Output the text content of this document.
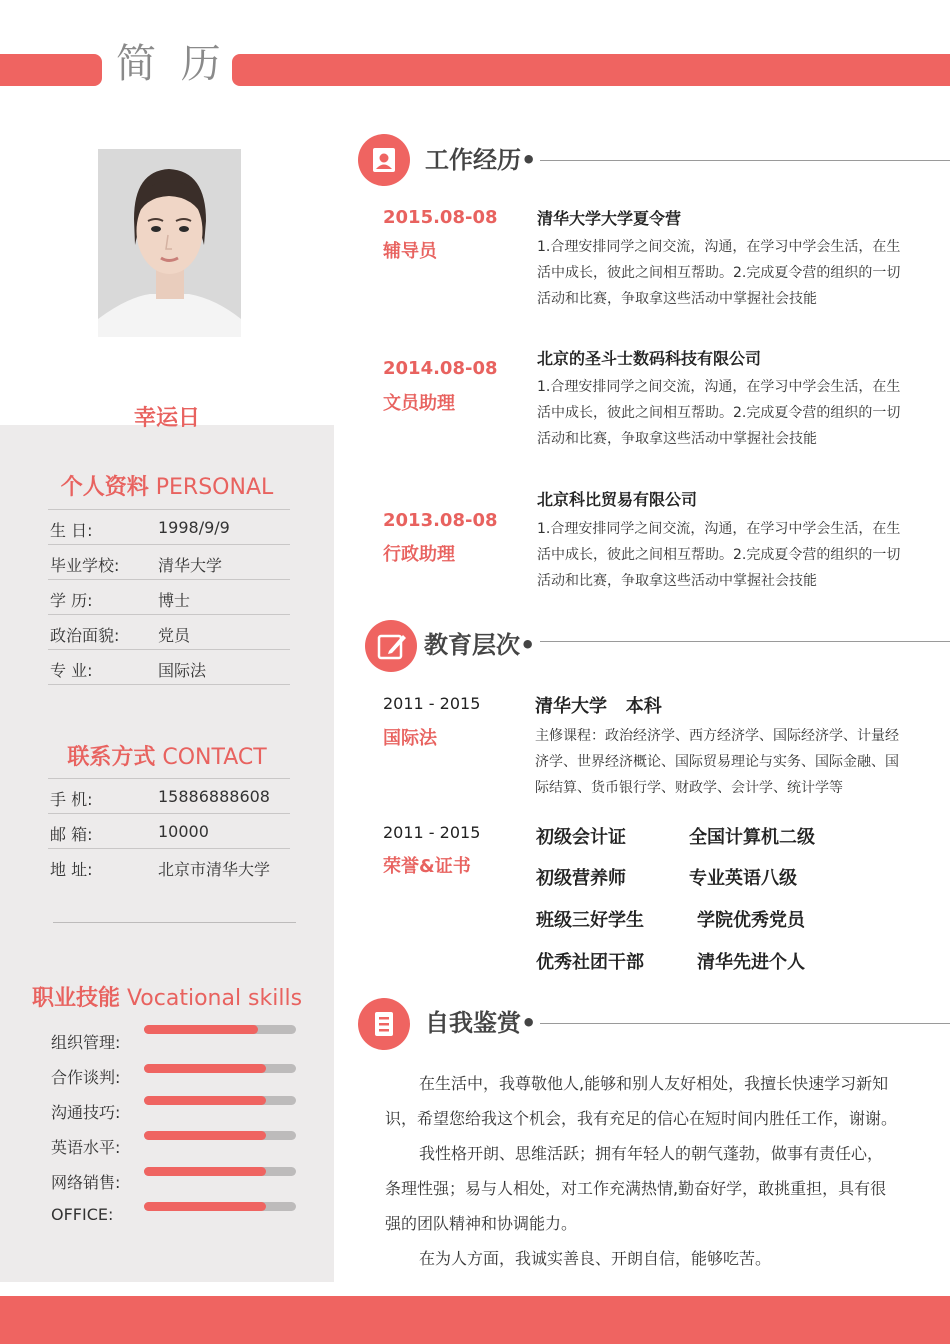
简 历
幸运日
个人资料 PERSONAL
生 日:	1998/9/9
毕业学校: 清华大学
学 历:	博士
政治面貌: 党员
专 业:	国际法
联系方式 CONTACT
手 机:	15886888608
邮 箱:	10000
地 址:	北京市清华大学
职业技能 Vocational skills
组织管理:
合作谈判:
沟通技巧:
英语水平:
网络销售:
OFFICE:
工作经历•
2015.08-08
辅导员
清华大学大学夏令营
1.合理安排同学之间交流，沟通，在学习中学会生活，在生
活中成长，彼此之间相互帮助。2.完成夏令营的组织的一切
活动和比赛，争取拿这些活动中掌握社会技能
2014.08-08
文员助理
北京的圣斗士数码科技有限公司
1.合理安排同学之间交流，沟通，在学习中学会生活，在生
活中成长，彼此之间相互帮助。2.完成夏令营的组织的一切
活动和比赛，争取拿这些活动中掌握社会技能
2013.08-08
行政助理
北京科比贸易有限公司
1.合理安排同学之间交流，沟通，在学习中学会生活，在生
活中成长，彼此之间相互帮助。2.完成夏令营的组织的一切
活动和比赛，争取拿这些活动中掌握社会技能
教育层次•
2011 - 2015
国际法
清华大学   本科
主修课程：政治经济学、西方经济学、国际经济学、计量经
济学、世界经济概论、国际贸易理论与实务、国际金融、国
际结算、货币银行学、财政学、会计学、统计学等
2011 - 2015
荣誉&证书
初级会计证	全国计算机二级
初级营养师	专业英语八级
班级三好学生	学院优秀党员
优秀社团干部	清华先进个人
自我鉴赏•
在生活中，我尊敬他人,能够和别人友好相处，我擅长快速学习新知
识，希望您给我这个机会，我有充足的信心在短时间内胜任工作，谢谢。
我性格开朗、思维活跃；拥有年轻人的朝气蓬勃，做事有责任心，
条理性强；易与人相处，对工作充满热情,勤奋好学，敢挑重担，具有很
强的团队精神和协调能力。
在为人方面，我诚实善良、开朗自信，能够吃苦。
